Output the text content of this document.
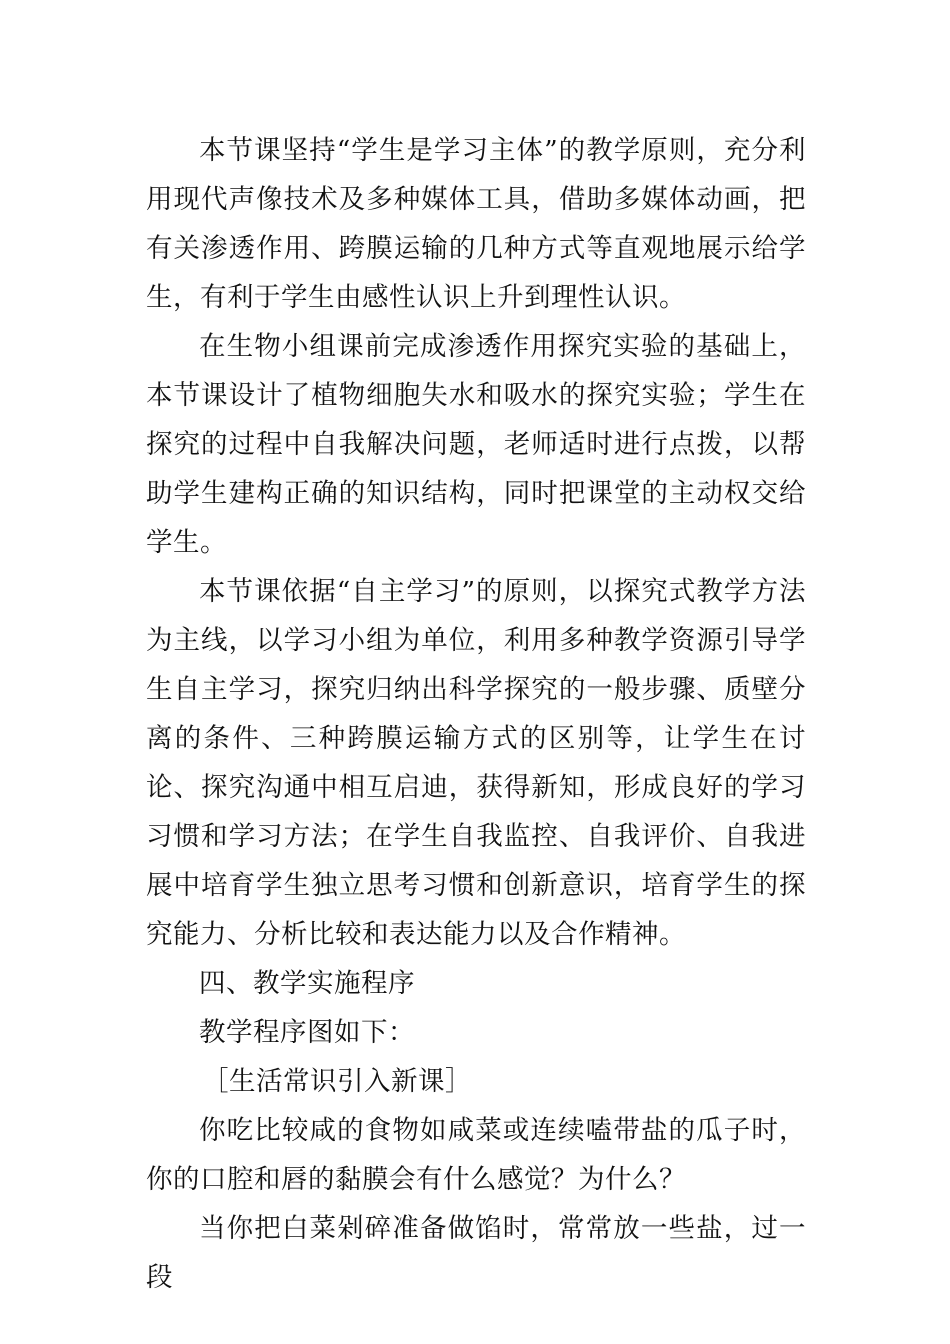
本节课坚持“学生是学习主体”的教学原则，充分利用现代声像技术及多种媒体工具，借助多媒体动画，把有关渗透作用、跨膜运输的几种方式等直观地展示给学生，有利于学生由感性认识上升到理性认识。

在生物小组课前完成渗透作用探究实验的基础上，本节课设计了植物细胞失水和吸水的探究实验；学生在探究的过程中自我解决问题，老师适时进行点拨，以帮助学生建构正确的知识结构，同时把课堂的主动权交给学生。

本节课依据“自主学习”的原则，以探究式教学方法为主线，以学习小组为单位，利用多种教学资源引导学生自主学习，探究归纳出科学探究的一般步骤、质壁分离的条件、三种跨膜运输方式的区别等，让学生在讨论、探究沟通中相互启迪，获得新知，形成良好的学习习惯和学习方法；在学生自我监控、自我评价、自我进展中培育学生独立思考习惯和创新意识，培育学生的探究能力、分析比较和表达能力以及合作精神。

四、教学实施程序

教学程序图如下：

［生活常识引入新课］

你吃比较咸的食物如咸菜或连续嗑带盐的瓜子时，你的口腔和唇的黏膜会有什么感觉？为什么？

当你把白菜剁碎准备做馅时，常常放一些盐，过一段
